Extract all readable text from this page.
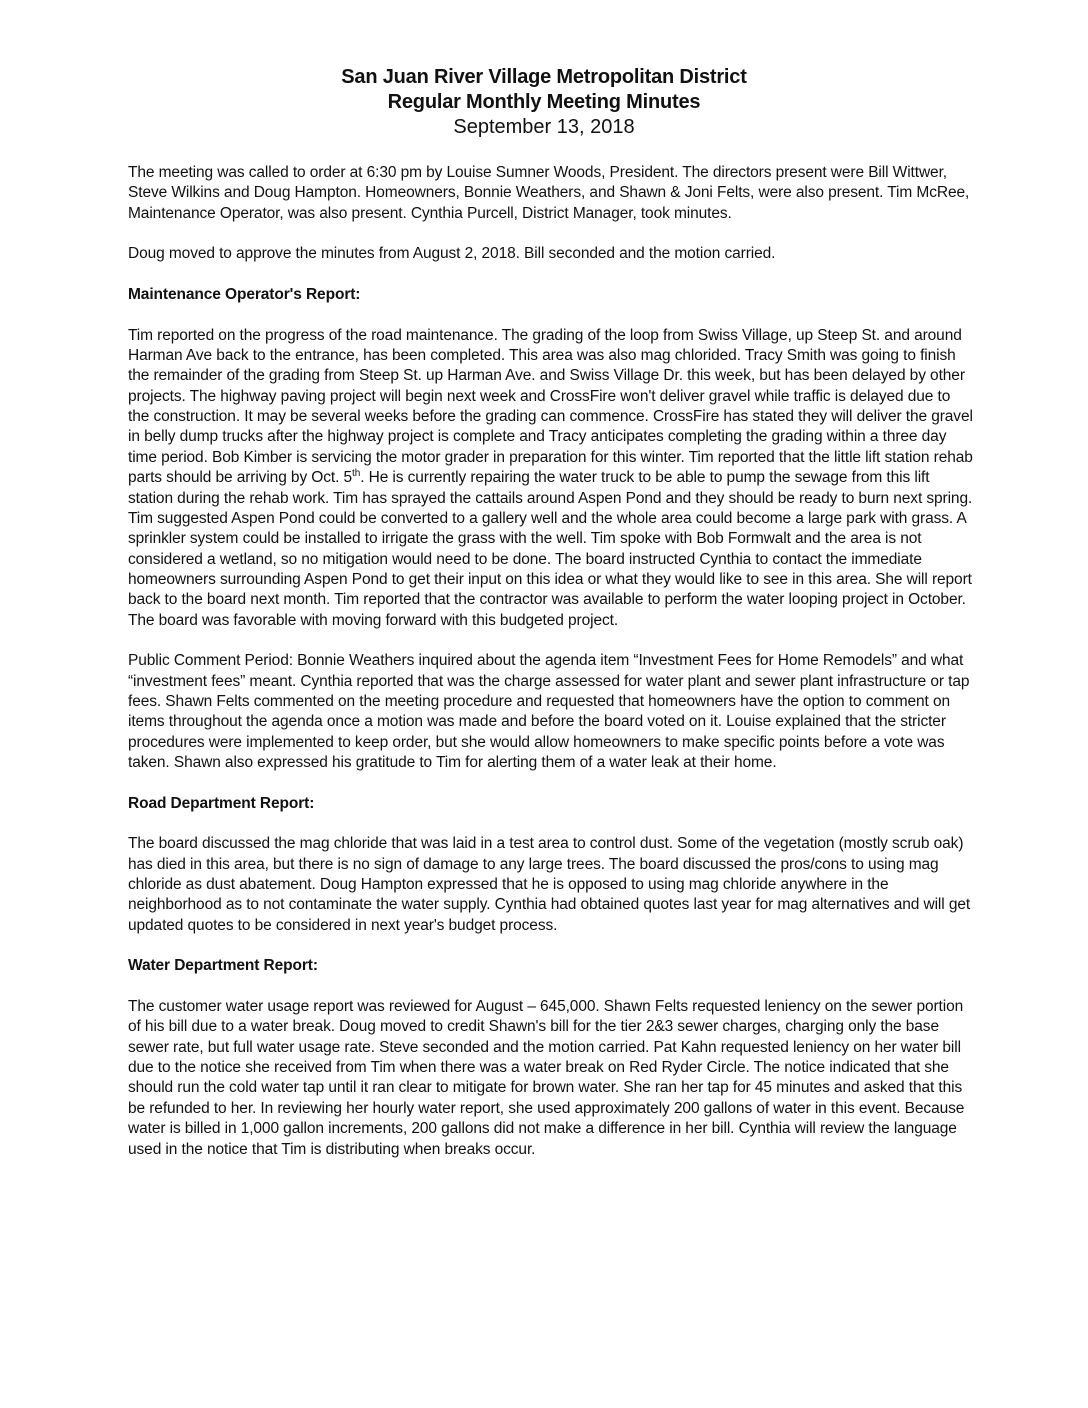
San Juan River Village Metropolitan District
Regular Monthly Meeting Minutes
September 13, 2018

The meeting was called to order at 6:30 pm by Louise Sumner Woods, President. The directors present were Bill Wittwer, Steve Wilkins and Doug Hampton. Homeowners, Bonnie Weathers, and Shawn & Joni Felts, were also present. Tim McRee, Maintenance Operator, was also present. Cynthia Purcell, District Manager, took minutes.

Doug moved to approve the minutes from August 2, 2018. Bill seconded and the motion carried.

Maintenance Operator's Report:

Tim reported on the progress of the road maintenance. The grading of the loop from Swiss Village, up Steep St. and around Harman Ave back to the entrance, has been completed. This area was also mag chlorided. Tracy Smith was going to finish the remainder of the grading from Steep St. up Harman Ave. and Swiss Village Dr. this week, but has been delayed by other projects. The highway paving project will begin next week and CrossFire won't deliver gravel while traffic is delayed due to the construction. It may be several weeks before the grading can commence. CrossFire has stated they will deliver the gravel in belly dump trucks after the highway project is complete and Tracy anticipates completing the grading within a three day time period. Bob Kimber is servicing the motor grader in preparation for this winter. Tim reported that the little lift station rehab parts should be arriving by Oct. 5th. He is currently repairing the water truck to be able to pump the sewage from this lift station during the rehab work. Tim has sprayed the cattails around Aspen Pond and they should be ready to burn next spring. Tim suggested Aspen Pond could be converted to a gallery well and the whole area could become a large park with grass. A sprinkler system could be installed to irrigate the grass with the well. Tim spoke with Bob Formwalt and the area is not considered a wetland, so no mitigation would need to be done. The board instructed Cynthia to contact the immediate homeowners surrounding Aspen Pond to get their input on this idea or what they would like to see in this area. She will report back to the board next month. Tim reported that the contractor was available to perform the water looping project in October. The board was favorable with moving forward with this budgeted project.

Public Comment Period: Bonnie Weathers inquired about the agenda item “Investment Fees for Home Remodels” and what “investment fees” meant. Cynthia reported that was the charge assessed for water plant and sewer plant infrastructure or tap fees. Shawn Felts commented on the meeting procedure and requested that homeowners have the option to comment on items throughout the agenda once a motion was made and before the board voted on it. Louise explained that the stricter procedures were implemented to keep order, but she would allow homeowners to make specific points before a vote was taken. Shawn also expressed his gratitude to Tim for alerting them of a water leak at their home.

Road Department Report:

The board discussed the mag chloride that was laid in a test area to control dust. Some of the vegetation (mostly scrub oak) has died in this area, but there is no sign of damage to any large trees. The board discussed the pros/cons to using mag chloride as dust abatement. Doug Hampton expressed that he is opposed to using mag chloride anywhere in the neighborhood as to not contaminate the water supply. Cynthia had obtained quotes last year for mag alternatives and will get updated quotes to be considered in next year's budget process.

Water Department Report:

The customer water usage report was reviewed for August – 645,000. Shawn Felts requested leniency on the sewer portion of his bill due to a water break. Doug moved to credit Shawn's bill for the tier 2&3 sewer charges, charging only the base sewer rate, but full water usage rate. Steve seconded and the motion carried. Pat Kahn requested leniency on her water bill due to the notice she received from Tim when there was a water break on Red Ryder Circle. The notice indicated that she should run the cold water tap until it ran clear to mitigate for brown water. She ran her tap for 45 minutes and asked that this be refunded to her. In reviewing her hourly water report, she used approximately 200 gallons of water in this event. Because water is billed in 1,000 gallon increments, 200 gallons did not make a difference in her bill. Cynthia will review the language used in the notice that Tim is distributing when breaks occur.
